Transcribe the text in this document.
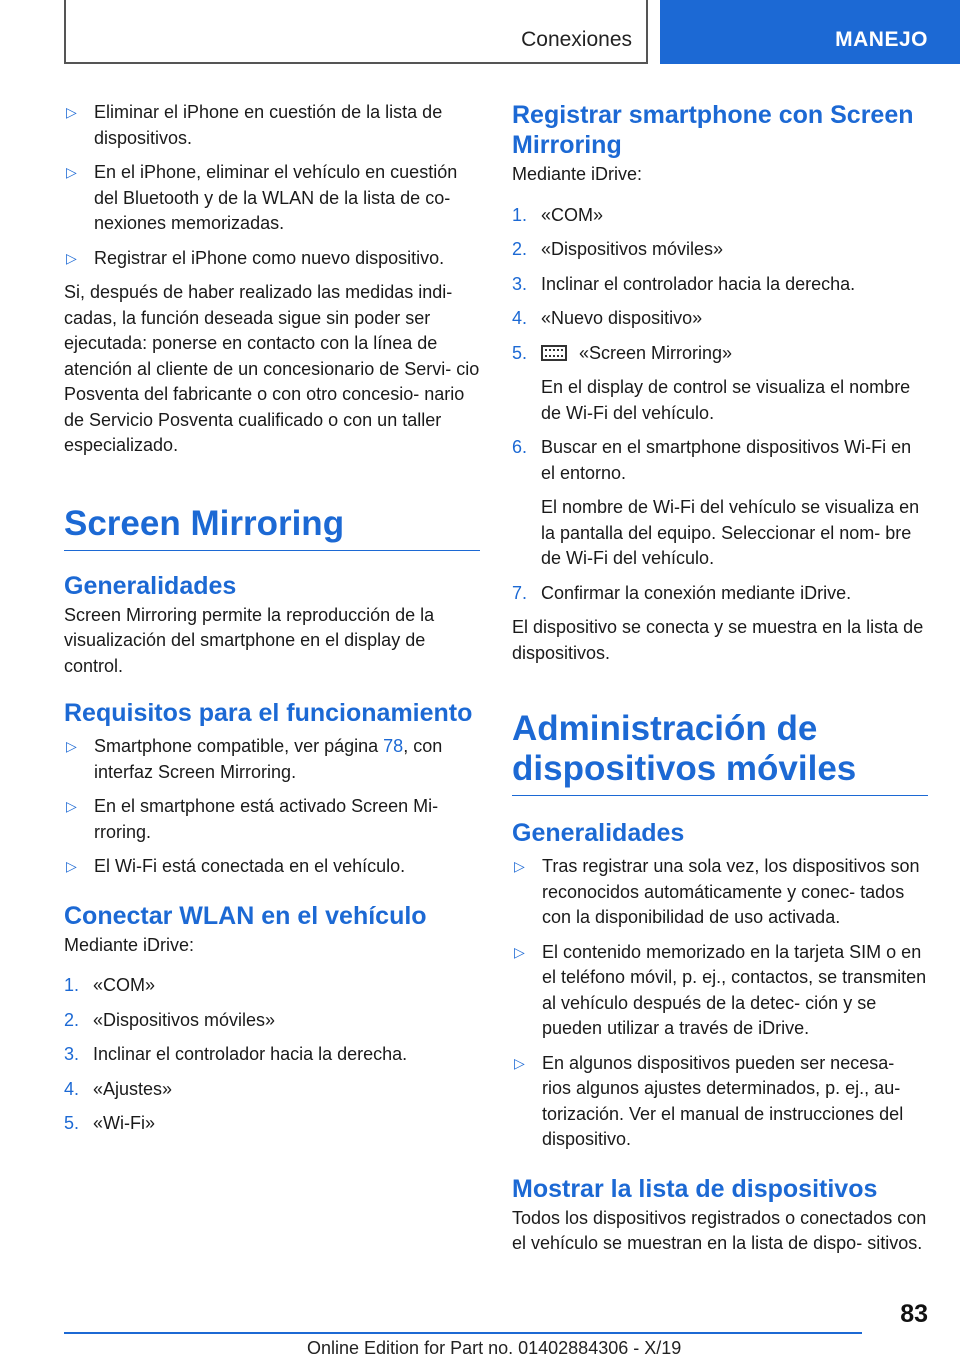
Conexiones	MANEJO
▷ Eliminar el iPhone en cuestión de la lista de dispositivos.
▷ En el iPhone, eliminar el vehículo en cuestión del Bluetooth y de la WLAN de la lista de co- nexiones memorizadas.
▷ Registrar el iPhone como nuevo dispositivo.

Si, después de haber realizado las medidas indi- cadas, la función deseada sigue sin poder ser ejecutada: ponerse en contacto con la línea de atención al cliente de un concesionario de Servi- cio Posventa del fabricante o con otro concesio- nario de Servicio Posventa cualificado o con un taller especializado.

Screen Mirroring
Generalidades

Screen Mirroring permite la reproducción de la visualización del smartphone en el display de control.

Requisitos para el funcionamiento
▷ Smartphone compatible, ver página 78, con interfaz Screen Mirroring.
▷ En el smartphone está activado Screen Mi- rroring.
▷ El Wi-Fi está conectada en el vehículo.
Conectar WLAN en el vehículo

Mediante iDrive:

1. «COM»
2. «Dispositivos móviles»
3. Inclinar el controlador hacia la derecha.
4. «Ajustes»
5. «Wi-Fi»
Registrar smartphone con Screen Mirroring

Mediante iDrive:

1. «COM»
2. «Dispositivos móviles»
3. Inclinar el controlador hacia la derecha.
4. «Nuevo dispositivo»
5.	«Screen Mirroring»
En el display de control se visualiza el nombre de Wi-Fi del vehículo.
6. Buscar en el smartphone dispositivos Wi-Fi en el entorno.
El nombre de Wi-Fi del vehículo se visualiza en la pantalla del equipo. Seleccionar el nom- bre de Wi-Fi del vehículo.
7. Confirmar la conexión mediante iDrive.

El dispositivo se conecta y se muestra en la lista de dispositivos.

Administración de dispositivos móviles
Generalidades
▷ Tras registrar una sola vez, los dispositivos son reconocidos automáticamente y conec- tados con la disponibilidad de uso activada.
▷ El contenido memorizado en la tarjeta SIM o en el teléfono móvil, p. ej., contactos, se transmiten al vehículo después de la detec- ción y se pueden utilizar a través de iDrive.
▷ En algunos dispositivos pueden ser necesa- rios algunos ajustes determinados, p. ej., au- torización. Ver el manual de instrucciones del dispositivo.
Mostrar la lista de dispositivos

Todos los dispositivos registrados o conectados con el vehículo se muestran en la lista de dispo- sitivos.

83
Online Edition for Part no. 01402884306 - X/19
